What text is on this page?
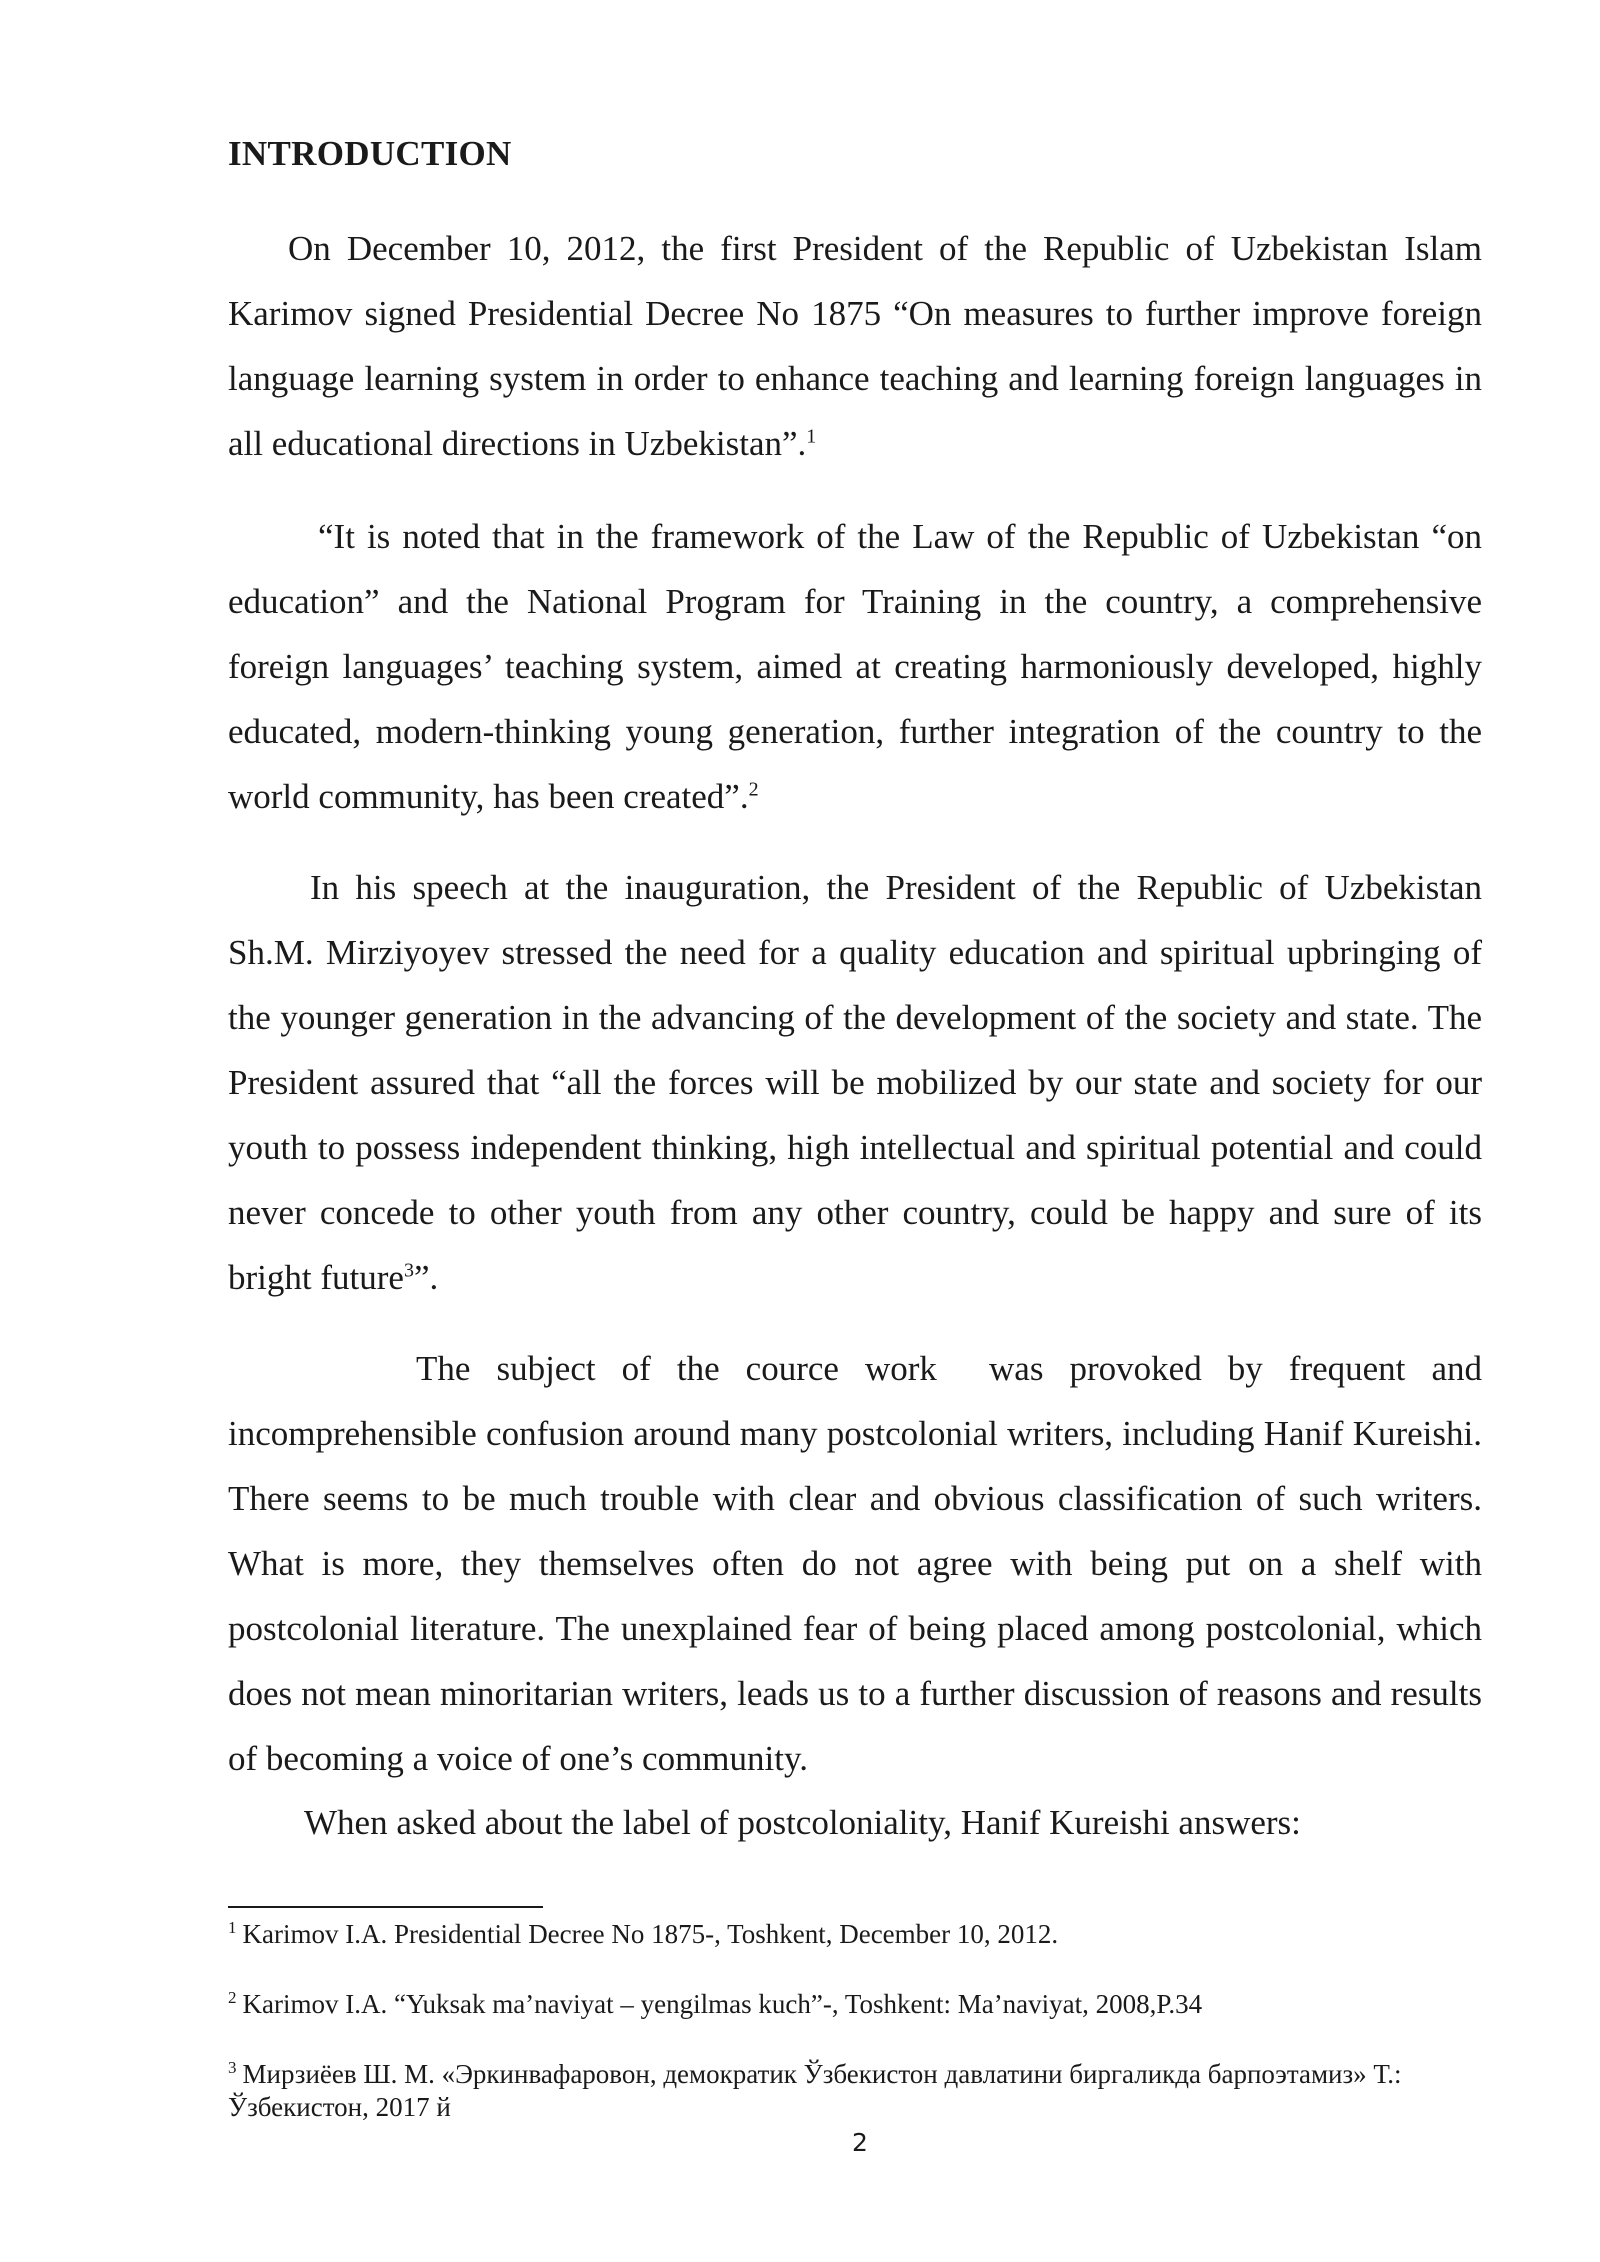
INTRODUCTION

On December 10, 2012, the first President of the Republic of Uzbekistan Islam Karimov signed Presidential Decree No 1875 “On measures to further improve foreign language learning system in order to enhance teaching and learning foreign languages in all educational directions in Uzbekistan”.$^1$

“It is noted that in the framework of the Law of the Republic of Uzbekistan “on education” and the National Program for Training in the country, a comprehensive foreign languages’ teaching system, aimed at creating harmoniously developed, highly educated, modern-thinking young generation, further integration of the country to the world community, has been created”.$^2$

In his speech at the inauguration, the President of the Republic of Uzbekistan Sh.M. Mirziyoyev stressed the need for a quality education and spiritual upbringing of the younger generation in the advancing of the development of the society and state. The President assured that “all the forces will be mobilized by our state and society for our youth to possess independent thinking, high intellectual and spiritual potential and could never concede to other youth from any other country, could be happy and sure of its bright future$^3$”.

The subject of the cource work  was provoked by frequent and incomprehensible confusion around many postcolonial writers, including Hanif Kureishi. There seems to be much trouble with clear and obvious classification of such writers. What is more, they themselves often do not agree with being put on a shelf with postcolonial literature. The unexplained fear of being placed among postcolonial, which does not mean minoritarian writers, leads us to a further discussion of reasons and results of becoming a voice of one’s community.

When asked about the label of postcoloniality, Hanif Kureishi answers:

$^1$ Karimov I.A. Presidential Decree No 1875-, Toshkent, December 10, 2012.
$^2$ Karimov I.A. “Yuksak ma’naviyat – yengilmas kuch”-, Toshkent: Ma’naviyat, 2008,P.34
$^3$ Мирзиёев Ш. М. «Эркинвафаровон, демократик Ўзбекистон давлатини биргаликда барпоэтамиз» Т.: Ўзбекистон, 2017 й
2
